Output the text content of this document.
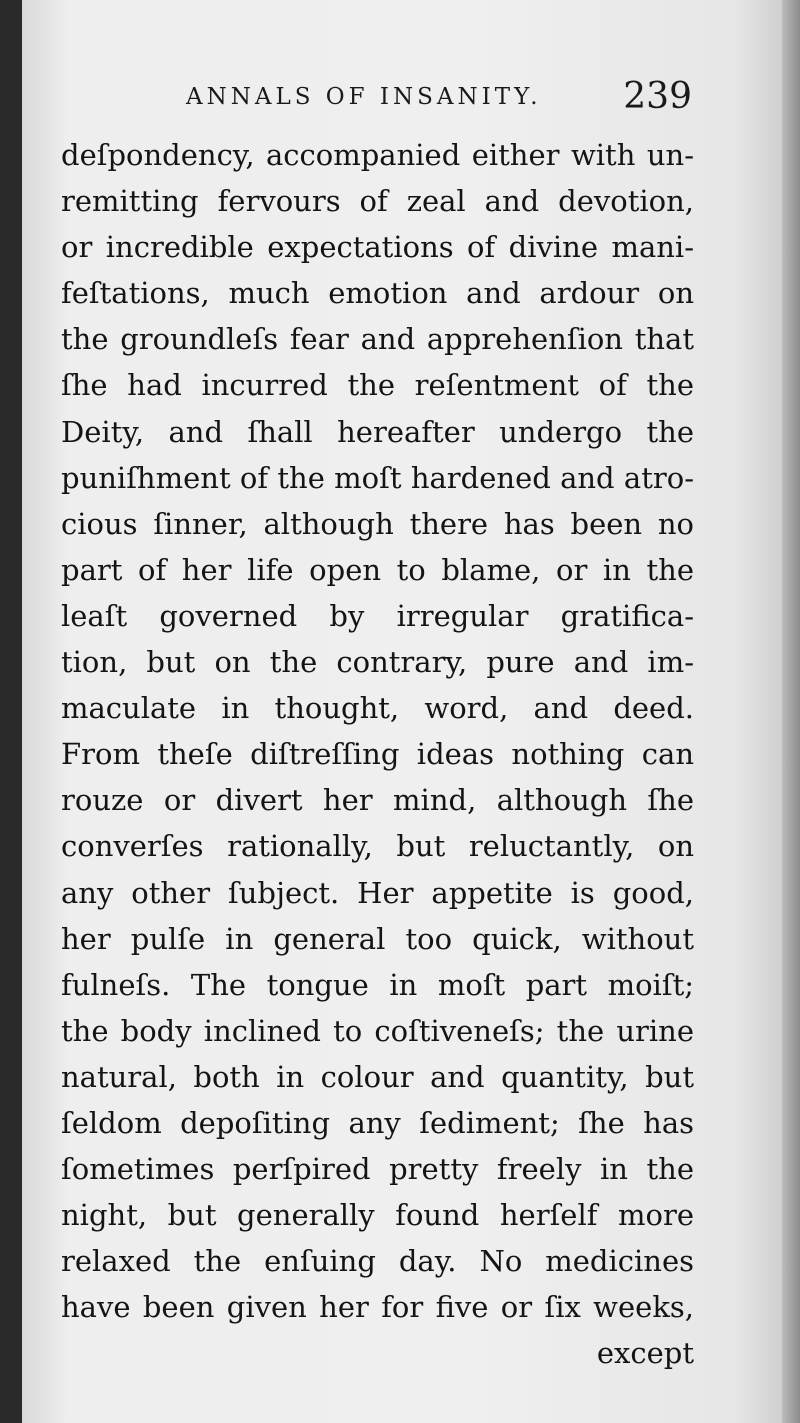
ANNALS OF INSANITY. 239
deſpondency, accompanied either with un-
remitting fervours of zeal and devotion,
or incredible expectations of divine mani-
feſtations, much emotion and ardour on
the groundleſs fear and apprehenſion that
ſhe had incurred the reſentment of the
Deity, and ſhall hereafter undergo the
puniſhment of the moſt hardened and atro-
cious ſinner, although there has been no
part of her life open to blame, or in the
leaſt governed by irregular gratifica-
tion, but on the contrary, pure and im-
maculate in thought, word, and deed.
From theſe diſtreſſing ideas nothing can
rouze or divert her mind, although ſhe
converſes rationally, but reluctantly, on
any other ſubject. Her appetite is good,
her pulſe in general too quick, without
fulneſs. The tongue in moſt part moiſt;
the body inclined to coſtiveneſs; the urine
natural, both in colour and quantity, but
ſeldom depoſiting any ſediment; ſhe has
ſometimes perſpired pretty freely in the
night, but generally found herſelf more
relaxed the enſuing day. No medicines
have been given her for five or ſix weeks,
except
